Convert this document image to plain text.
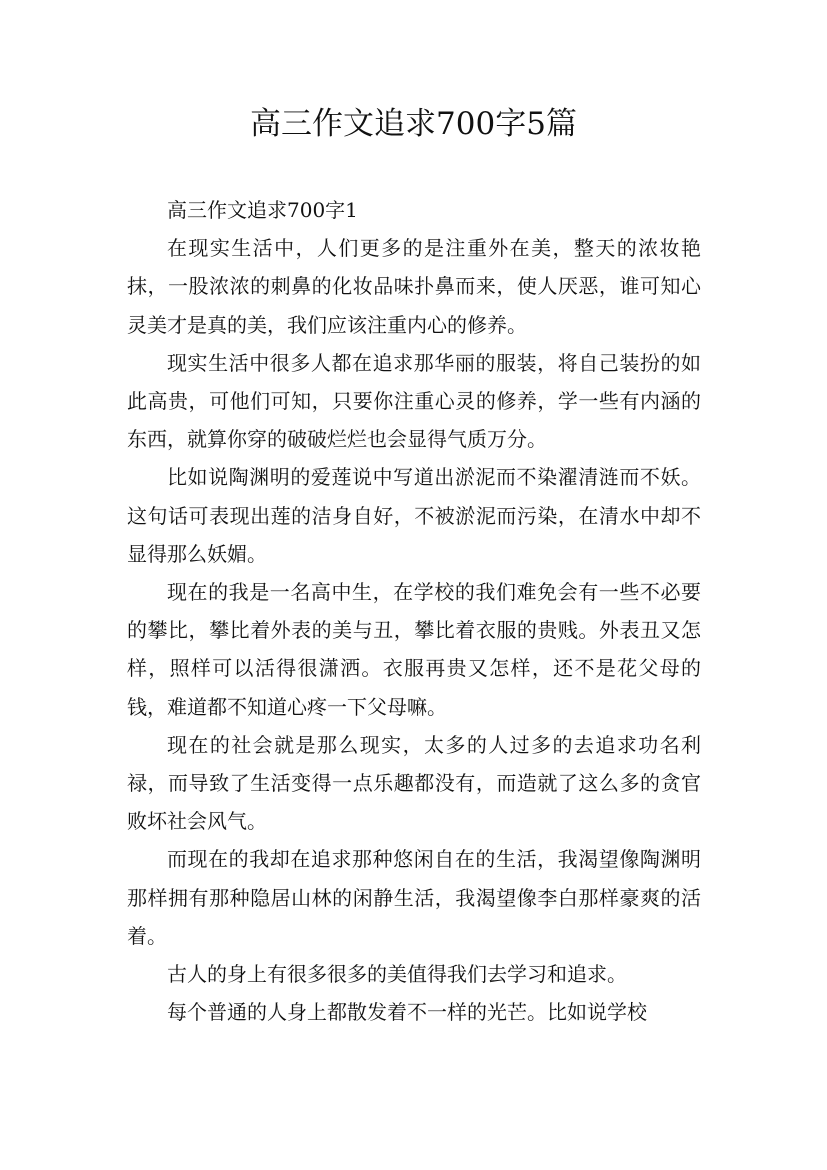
高三作文追求700字5篇

高三作文追求700字1

在现实生活中，人们更多的是注重外在美，整天的浓妆艳抹，一股浓浓的刺鼻的化妆品味扑鼻而来，使人厌恶，谁可知心灵美才是真的美，我们应该注重内心的修养。

现实生活中很多人都在追求那华丽的服装，将自己装扮的如此高贵，可他们可知，只要你注重心灵的修养，学一些有内涵的东西，就算你穿的破破烂烂也会显得气质万分。

比如说陶渊明的爱莲说中写道出淤泥而不染濯清涟而不妖。这句话可表现出莲的洁身自好，不被淤泥而污染，在清水中却不显得那么妖媚。

现在的我是一名高中生，在学校的我们难免会有一些不必要的攀比，攀比着外表的美与丑，攀比着衣服的贵贱。外表丑又怎样，照样可以活得很潇洒。衣服再贵又怎样，还不是花父母的钱，难道都不知道心疼一下父母嘛。

现在的社会就是那么现实，太多的人过多的去追求功名利禄，而导致了生活变得一点乐趣都没有，而造就了这么多的贪官败坏社会风气。

而现在的我却在追求那种悠闲自在的生活，我渴望像陶渊明那样拥有那种隐居山林的闲静生活，我渴望像李白那样豪爽的活着。

古人的身上有很多很多的美值得我们去学习和追求。

每个普通的人身上都散发着不一样的光芒。比如说学校
